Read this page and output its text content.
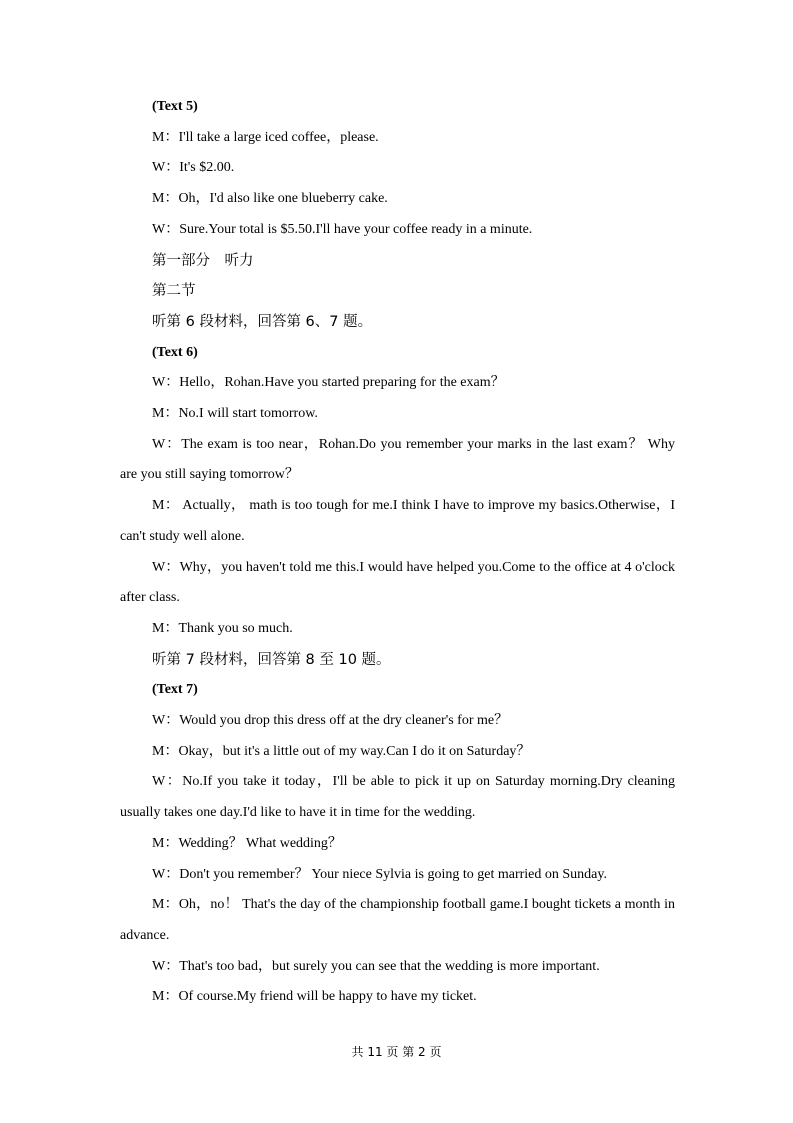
(Text 5)

M：I'll take a large iced coffee，please.

W：It's $2.00.

M：Oh，I'd also like one blueberry cake.

W：Sure.Your total is $5.50.I'll have your coffee ready in a minute.

第一部分　听力

第二节

听第 6 段材料，回答第 6、7 题。

(Text 6)

W：Hello，Rohan.Have you started preparing for the exam？

M：No.I will start tomorrow.

W：The exam is too near，Rohan.Do you remember your marks in the last exam？ Why are you still saying tomorrow？

M： Actually， math is too tough for me.I think I have to improve my basics.Otherwise，I can't study well alone.

W：Why，you haven't told me this.I would have helped you.Come to the office at 4 o'clock after class.

M：Thank you so much.

听第 7 段材料，回答第 8 至 10 题。

(Text 7)

W：Would you drop this dress off at the dry cleaner's for me？

M：Okay，but it's a little out of my way.Can I do it on Saturday？

W：No.If you take it today，I'll be able to pick it up on Saturday morning.Dry cleaning usually takes one day.I'd like to have it in time for the wedding.

M：Wedding？ What wedding？

W：Don't you remember？ Your niece Sylvia is going to get married on Sunday.

M：Oh，no！ That's the day of the championship football game.I bought tickets a month in advance.

W：That's too bad，but surely you can see that the wedding is more important.

M：Of course.My friend will be happy to have my ticket.

共 11 页 第 2 页
